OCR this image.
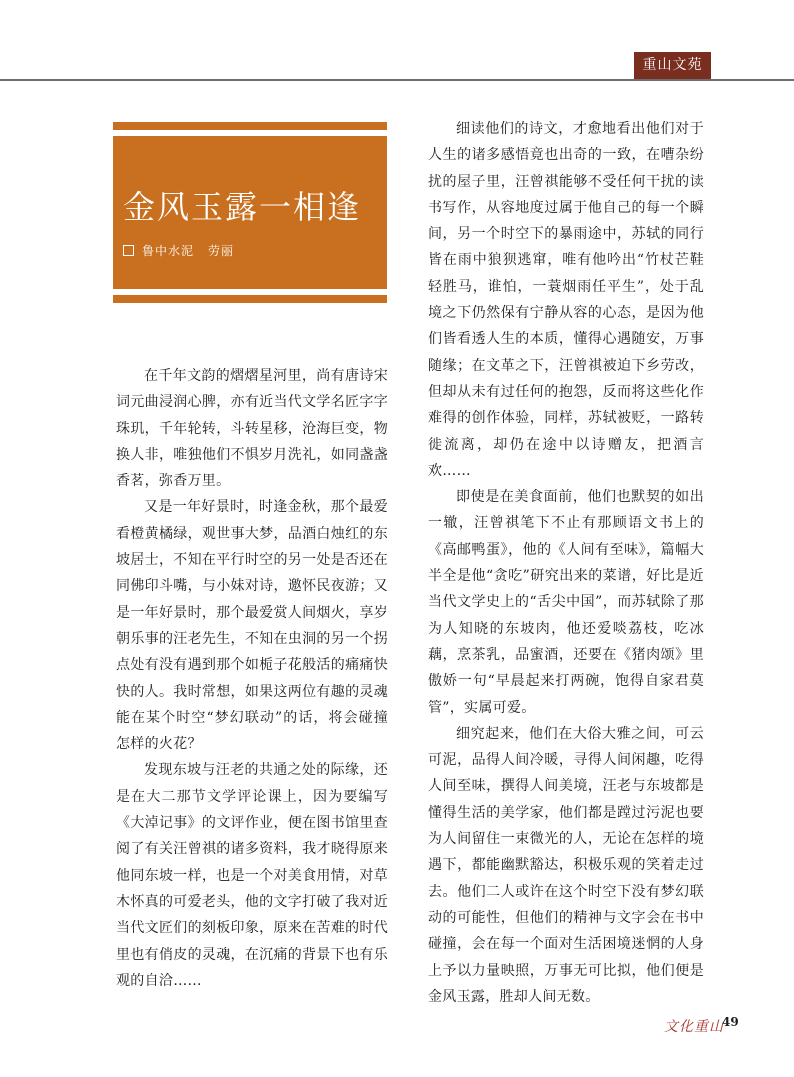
重山文苑
金风玉露一相逢
鲁中水泥 劳丽

在千年文韵的熠熠星河里，尚有唐诗宋词元曲浸润心脾，亦有近当代文学名匠字字珠玑，千年轮转，斗转星移，沧海巨变，物换人非，唯独他们不惧岁月洗礼，如同盏盏香茗，弥香万里。

又是一年好景时，时逢金秋，那个最爱看橙黄橘绿，观世事大梦，品酒白烛红的东坡居士，不知在平行时空的另一处是否还在同佛印斗嘴，与小妹对诗，邀怀民夜游；又是一年好景时，那个最爱赏人间烟火，享岁朝乐事的汪老先生，不知在虫洞的另一个拐点处有没有遇到那个如栀子花般活的痛痛快快的人。我时常想，如果这两位有趣的灵魂能在某个时空“梦幻联动”的话，将会碰撞怎样的火花？

发现东坡与汪老的共通之处的际缘，还是在大二那节文学评论课上，因为要编写《大淖记事》的文评作业，便在图书馆里查阅了有关汪曾祺的诸多资料，我才晓得原来他同东坡一样，也是一个对美食用情，对草木怀真的可爱老头，他的文字打破了我对近当代文匠们的刻板印象，原来在苦难的时代里也有俏皮的灵魂，在沉痛的背景下也有乐观的自洽……

细读他们的诗文，才愈地看出他们对于人生的诸多感悟竟也出奇的一致，在嘈杂纷扰的屋子里，汪曾祺能够不受任何干扰的读书写作，从容地度过属于他自己的每一个瞬间，另一个时空下的暴雨途中，苏轼的同行皆在雨中狼狈逃窜，唯有他吟出“竹杖芒鞋轻胜马，谁怕，一蓑烟雨任平生”，处于乱境之下仍然保有宁静从容的心态，是因为他们皆看透人生的本质，懂得心遇随安，万事随缘；在文革之下，汪曾祺被迫下乡劳改，但却从未有过任何的抱怨，反而将这些化作难得的创作体验，同样，苏轼被贬，一路转徙流离，却仍在途中以诗赠友，把酒言欢……

即使是在美食面前，他们也默契的如出一辙，汪曾祺笔下不止有那顾语文书上的《高邮鸭蛋》，他的《人间有至味》，篇幅大半全是他“贪吃”研究出来的菜谱，好比是近当代文学史上的“舌尖中国”，而苏轼除了那为人知晓的东坡肉，他还爱啖荔枝，吃冰藕，烹茶乳，品蜜酒，还要在《猪肉颂》里傲娇一句“早晨起来打两碗，饱得自家君莫管”，实属可爱。

细究起来，他们在大俗大雅之间，可云可泥，品得人间冷暖，寻得人间闲趣，吃得人间至味，撰得人间美境，汪老与东坡都是懂得生活的美学家，他们都是蹚过污泥也要为人间留住一束微光的人，无论在怎样的境遇下，都能幽默豁达，积极乐观的笑着走过去。他们二人或许在这个时空下没有梦幻联动的可能性，但他们的精神与文字会在书中碰撞，会在每一个面对生活困境迷惘的人身上予以力量映照，万事无可比拟，他们便是金风玉露，胜却人间无数。

文化重山
49
